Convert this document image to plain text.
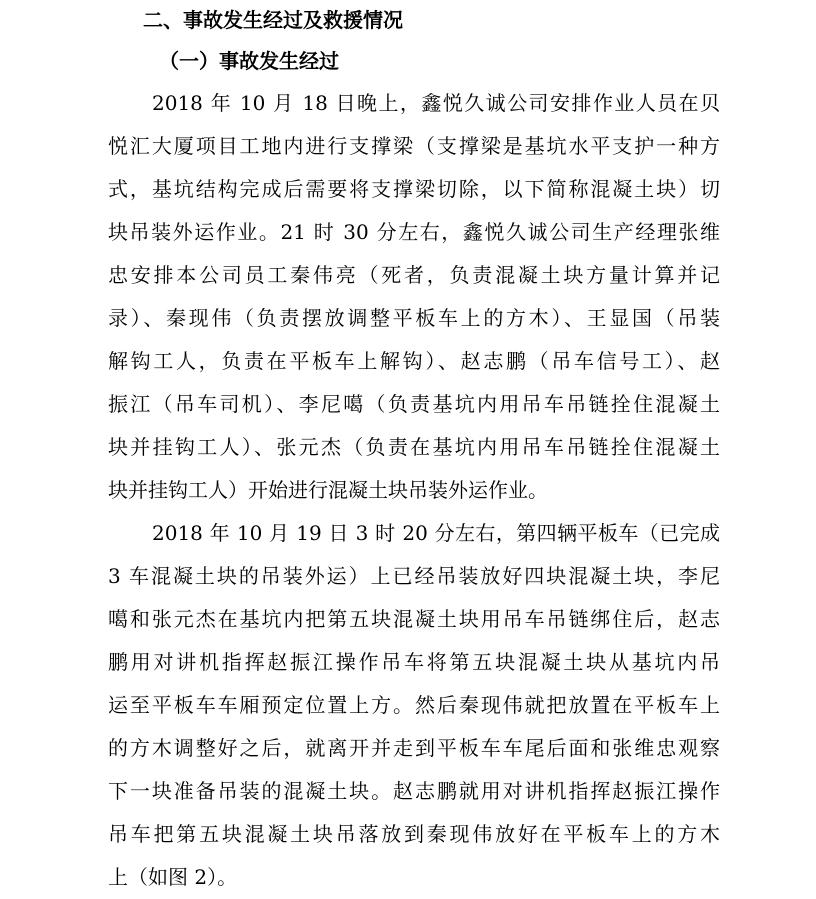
二、事故发生经过及救援情况
（一）事故发生经过
2018 年 10 月 18 日晚上，鑫悦久诚公司安排作业人员在贝
悦汇大厦项目工地内进行支撑梁（支撑梁是基坑水平支护一种方
式，基坑结构完成后需要将支撑梁切除，以下简称混凝土块）切
块吊装外运作业。21 时 30 分左右，鑫悦久诚公司生产经理张维
忠安排本公司员工秦伟亮（死者，负责混凝土块方量计算并记
录）、秦现伟（负责摆放调整平板车上的方木）、王显国（吊装
解钩工人，负责在平板车上解钩）、赵志鹏（吊车信号工）、赵
振江（吊车司机）、李尼噶（负责基坑内用吊车吊链拴住混凝土
块并挂钩工人）、张元杰（负责在基坑内用吊车吊链拴住混凝土
块并挂钩工人）开始进行混凝土块吊装外运作业。
2018 年 10 月 19 日 3 时 20 分左右，第四辆平板车（已完成
3 车混凝土块的吊装外运）上已经吊装放好四块混凝土块，李尼
噶和张元杰在基坑内把第五块混凝土块用吊车吊链绑住后，赵志
鹏用对讲机指挥赵振江操作吊车将第五块混凝土块从基坑内吊
运至平板车车厢预定位置上方。然后秦现伟就把放置在平板车上
的方木调整好之后，就离开并走到平板车车尾后面和张维忠观察
下一块准备吊装的混凝土块。赵志鹏就用对讲机指挥赵振江操作
吊车把第五块混凝土块吊落放到秦现伟放好在平板车上的方木
上（如图 2）。
